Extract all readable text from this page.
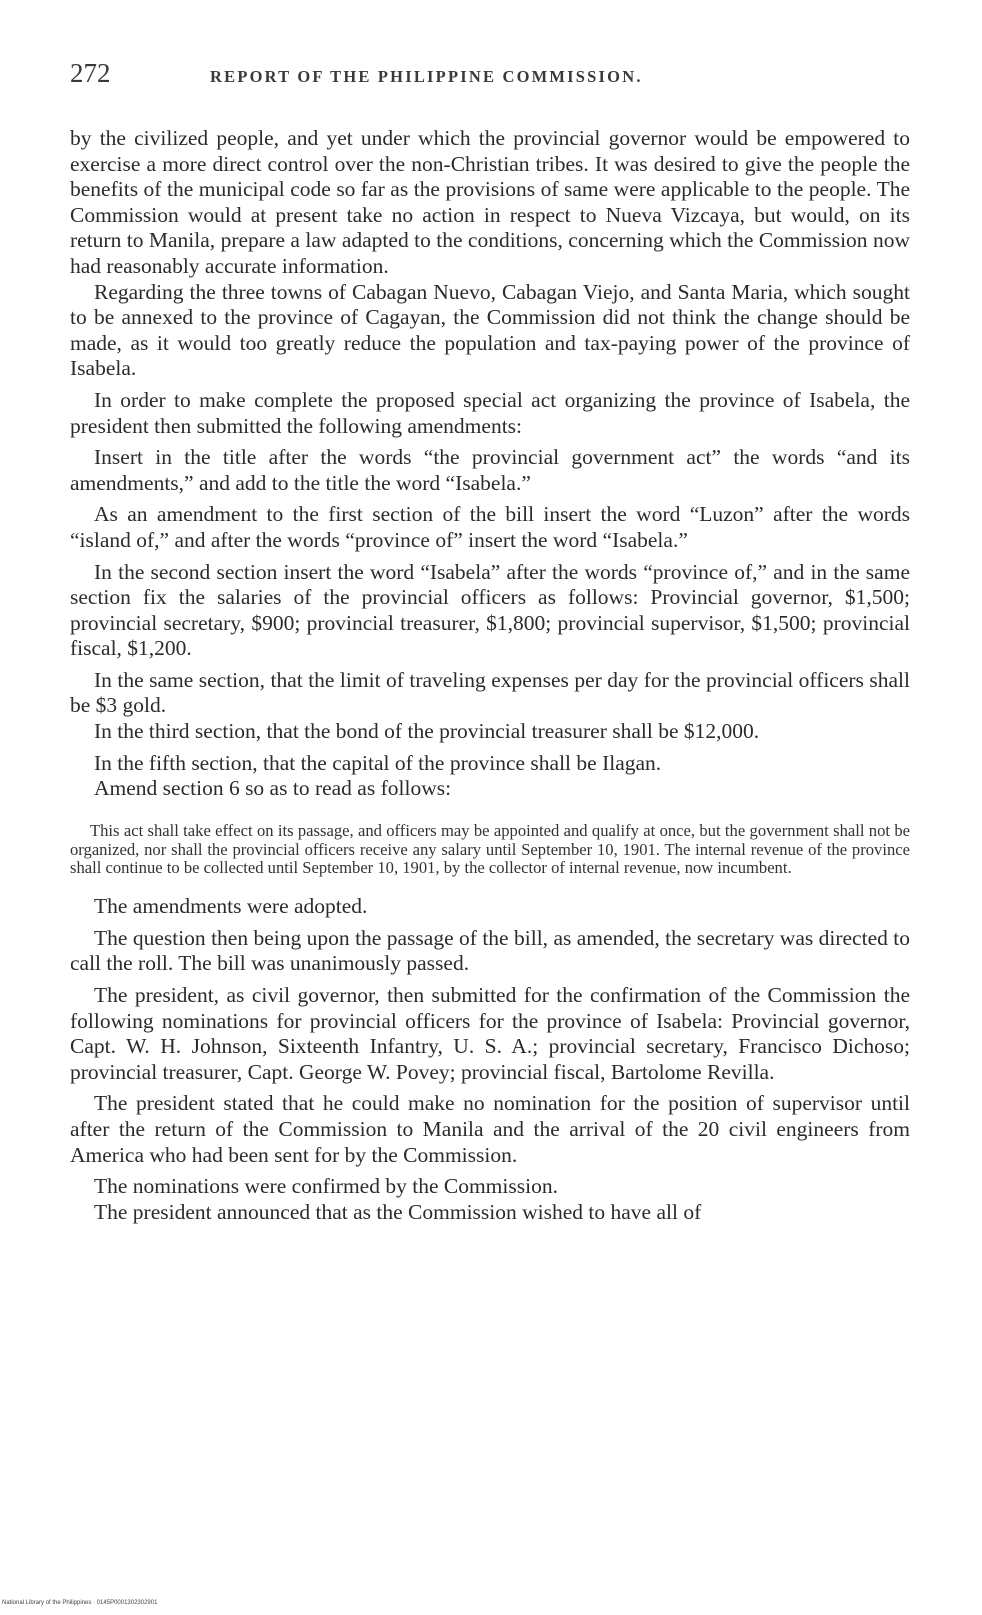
272	REPORT OF THE PHILIPPINE COMMISSION.

by the civilized people, and yet under which the provincial governor would be empowered to exercise a more direct control over the non-Christian tribes. It was desired to give the people the benefits of the municipal code so far as the provisions of same were applicable to the people. The Commission would at present take no action in respect to Nueva Vizcaya, but would, on its return to Manila, prepare a law adapted to the conditions, concerning which the Commission now had reasonably accurate information.

Regarding the three towns of Cabagan Nuevo, Cabagan Viejo, and Santa Maria, which sought to be annexed to the province of Cagayan, the Commission did not think the change should be made, as it would too greatly reduce the population and tax-paying power of the province of Isabela.

In order to make complete the proposed special act organizing the province of Isabela, the president then submitted the following amendments:

Insert in the title after the words “the provincial government act” the words “and its amendments,” and add to the title the word “Isabela.”

As an amendment to the first section of the bill insert the word “Luzon” after the words “island of,” and after the words “province of” insert the word “Isabela.”

In the second section insert the word “Isabela” after the words “province of,” and in the same section fix the salaries of the provincial officers as follows: Provincial governor, $1,500; provincial secretary, $900; provincial treasurer, $1,800; provincial supervisor, $1,500; provincial fiscal, $1,200.

In the same section, that the limit of traveling expenses per day for the provincial officers shall be $3 gold.

In the third section, that the bond of the provincial treasurer shall be $12,000.

In the fifth section, that the capital of the province shall be Ilagan.

Amend section 6 so as to read as follows:

This act shall take effect on its passage, and officers may be appointed and qualify at once, but the government shall not be organized, nor shall the provincial officers receive any salary until September 10, 1901. The internal revenue of the province shall continue to be collected until September 10, 1901, by the collector of internal revenue, now incumbent.

The amendments were adopted.

The question then being upon the passage of the bill, as amended, the secretary was directed to call the roll. The bill was unanimously passed.

The president, as civil governor, then submitted for the confirmation of the Commission the following nominations for provincial officers for the province of Isabela: Provincial governor, Capt. W. H. Johnson, Sixteenth Infantry, U. S. A.; provincial secretary, Francisco Dichoso; provincial treasurer, Capt. George W. Povey; provincial fiscal, Bartolome Revilla.

The president stated that he could make no nomination for the position of supervisor until after the return of the Commission to Manila and the arrival of the 20 civil engineers from America who had been sent for by the Commission.

The nominations were confirmed by the Commission.

The president announced that as the Commission wished to have all of

National Library of the Philippines · 0145P0001302302901
